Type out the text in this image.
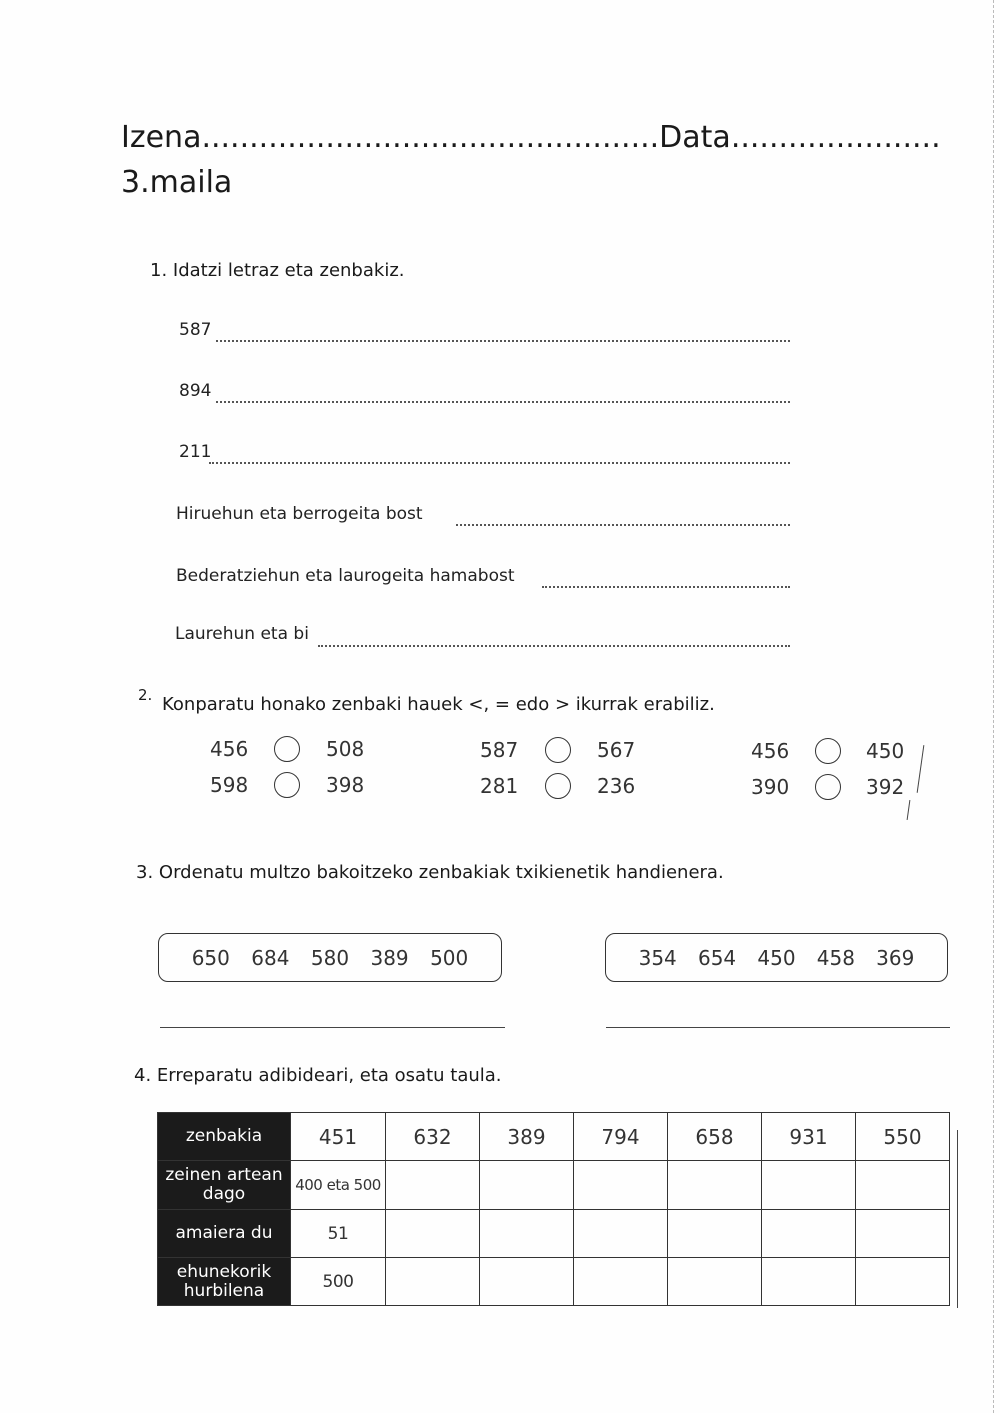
Izena................................................Data......................
3.maila
1. Idatzi letraz eta zenbakiz.
587
894
211
Hiruehun eta berrogeita bost
Bederatziehun eta laurogeita hamabost
Laurehun eta bi
2. Konparatu honako zenbaki hauek <, = edo > ikurrak erabiliz.
456	508
598	398
587	567
281	236
456	450
390	392
3. Ordenatu multzo bakoitzeko zenbakiak txikienetik handienera.
650 684 580 389 500	354 654 450 458 369
4. Erreparatu adibideari, eta osatu taula.
zenbakia	451	632	389	794	658	931	550
zeinen artean dago	400 eta 500						
amaiera du	51						
ehunekorik hurbilena	500						
